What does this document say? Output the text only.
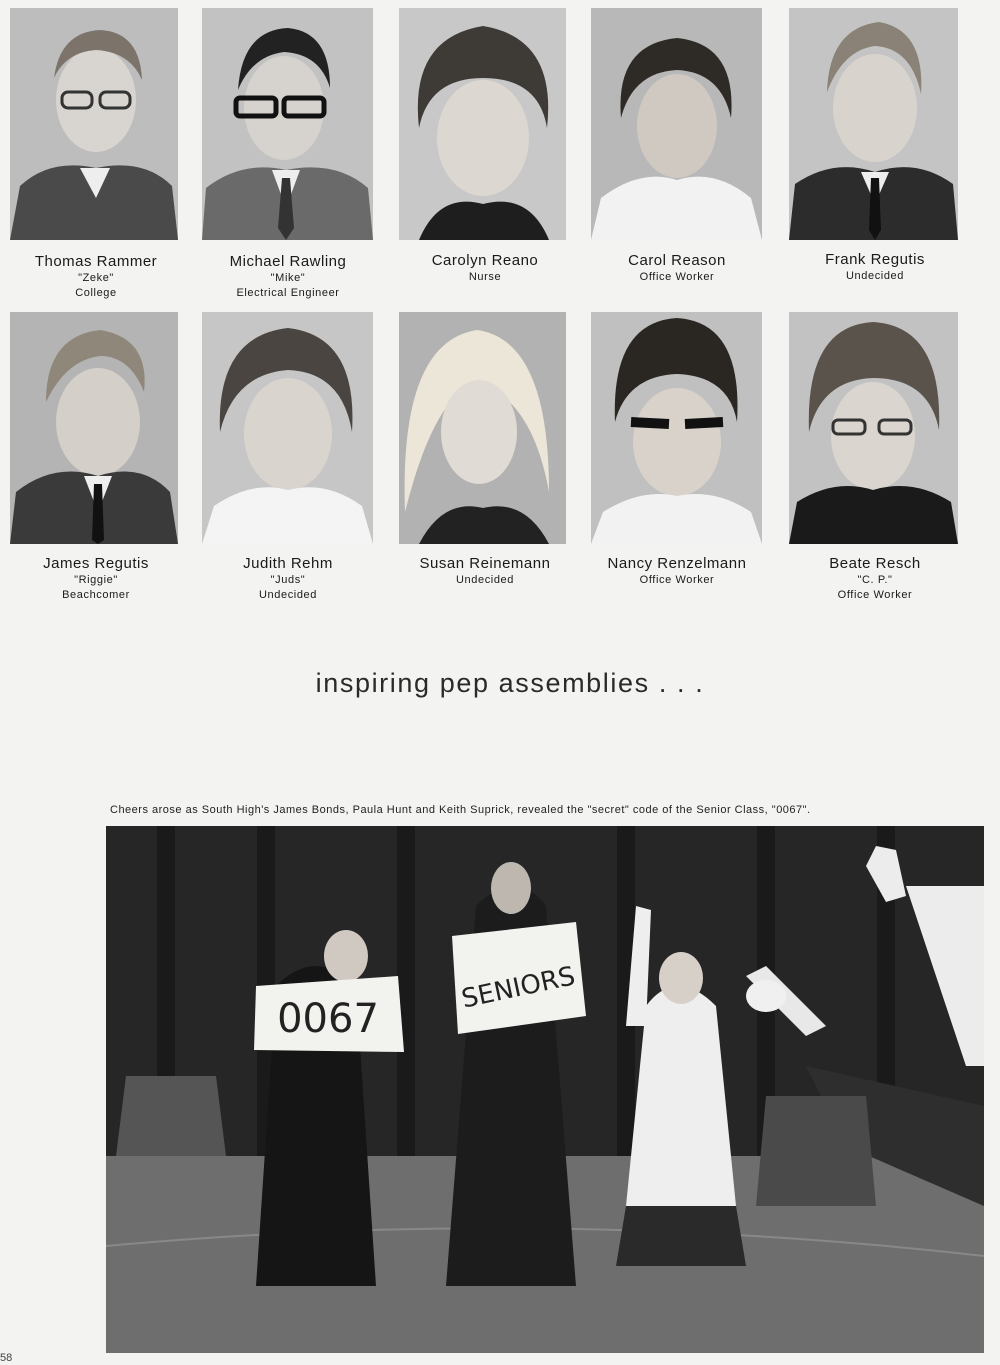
Thomas Rammer
"Zeke"
College
Michael Rawling
"Mike"
Electrical Engineer
Carolyn Reano
Nurse
Carol Reason
Office Worker
Frank Regutis
Undecided
James Regutis
"Riggie"
Beachcomer
Judith Rehm
"Juds"
Undecided
Susan Reinemann
Undecided
Nancy Renzelmann
Office Worker
Beate Resch
"C. P."
Office Worker
inspiring pep assemblies . . .
Cheers arose as South High's James Bonds, Paula Hunt and Keith Suprick, revealed the "secret" code of the Senior Class, "0067".
0067
SENIORS
58
